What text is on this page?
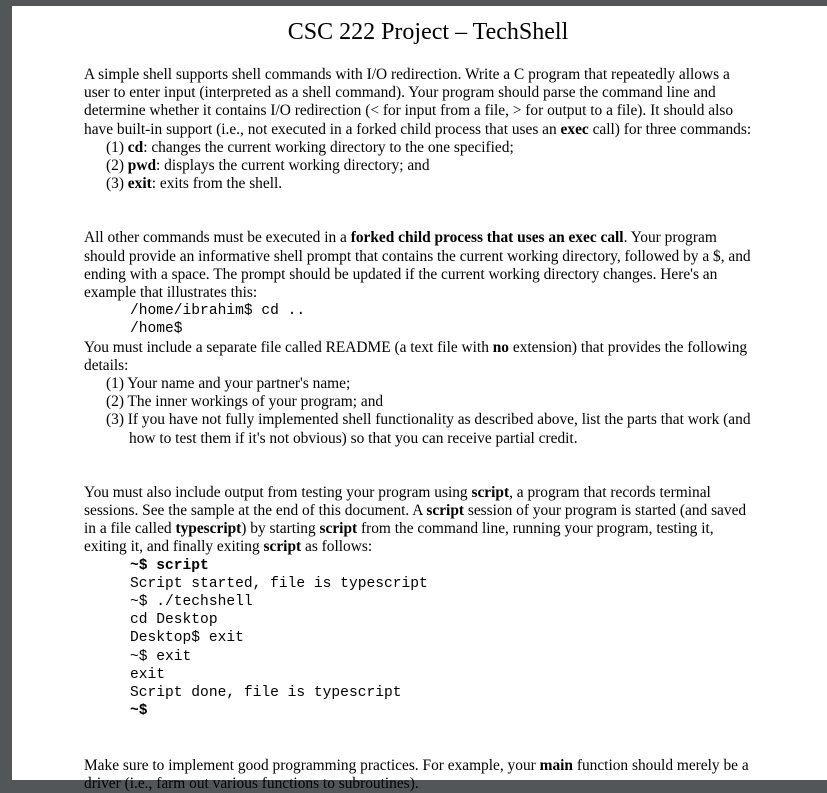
CSC 222 Project – TechShell

A simple shell supports shell commands with I/O redirection. Write a C program that repeatedly allows a user to enter input (interpreted as a shell command). Your program should parse the command line and determine whether it contains I/O redirection (< for input from a file, > for output to a file). It should also have built-in support (i.e., not executed in a forked child process that uses an exec call) for three commands:

(1) cd: changes the current working directory to the one specified;
(2) pwd: displays the current working directory; and
(3) exit: exits from the shell.

All other commands must be executed in a forked child process that uses an exec call. Your program should provide an informative shell prompt that contains the current working directory, followed by a $, and ending with a space. The prompt should be updated if the current working directory changes. Here's an example that illustrates this:

/home/ibrahim$ cd ..
/home$

You must include a separate file called README (a text file with no extension) that provides the following details:

(1) Your name and your partner's name;
(2) The inner workings of your program; and
(3) If you have not fully implemented shell functionality as described above, list the parts that work (and how to test them if it's not obvious) so that you can receive partial credit.

You must also include output from testing your program using script, a program that records terminal sessions. See the sample at the end of this document. A script session of your program is started (and saved in a file called typescript) by starting script from the command line, running your program, testing it, exiting it, and finally exiting script as follows:

~$ script
Script started, file is typescript
~$ ./techshell
cd Desktop
Desktop$ exit
~$ exit
exit
Script done, file is typescript
~$

Make sure to implement good programming practices. For example, your main function should merely be a driver (i.e., farm out various functions to subroutines).
